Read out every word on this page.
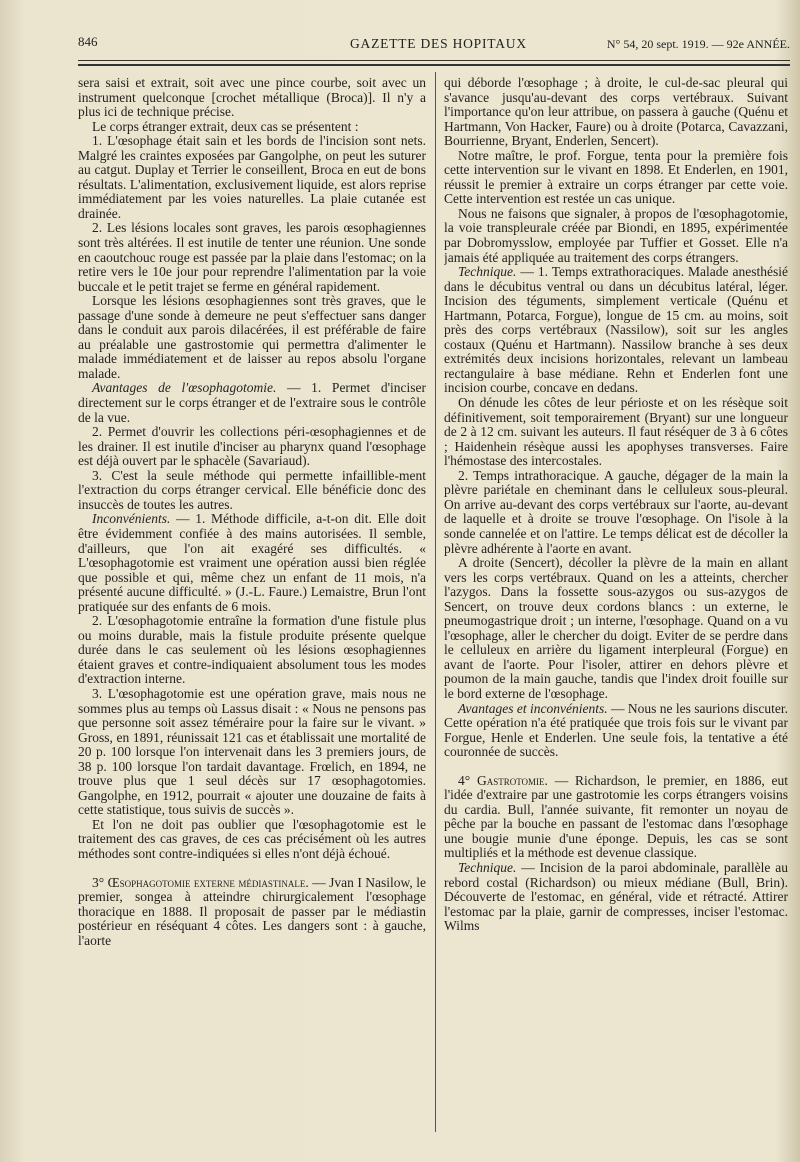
846	GAZETTE DES HOPITAUX	N° 54, 20 sept. 1919. — 92e ANNÉE.

sera saisi et extrait, soit avec une pince courbe, soit avec un instrument quelconque [crochet métallique (Broca)]. Il n'y a plus ici de technique précise.

Le corps étranger extrait, deux cas se présentent :

1. L'œsophage était sain et les bords de l'incision sont nets. Malgré les craintes exposées par Gangolphe, on peut les suturer au catgut. Duplay et Terrier le conseillent, Broca en eut de bons résultats. L'alimentation, exclusivement liquide, est alors reprise immédiatement par les voies naturelles. La plaie cutanée est drainée.

2. Les lésions locales sont graves, les parois œsophagiennes sont très altérées. Il est inutile de tenter une réunion. Une sonde en caoutchouc rouge est passée par la plaie dans l'estomac; on la retire vers le 10e jour pour reprendre l'alimentation par la voie buccale et le petit trajet se ferme en général rapidement.

Lorsque les lésions œsophagiennes sont très graves, que le passage d'une sonde à demeure ne peut s'effectuer sans danger dans le conduit aux parois dilacérées, il est préférable de faire au préalable une gastrostomie qui permettra d'alimenter le malade immédiatement et de laisser au repos absolu l'organe malade.

Avantages de l'œsophagotomie. — 1. Permet d'inciser directement sur le corps étranger et de l'extraire sous le contrôle de la vue.

2. Permet d'ouvrir les collections péri-œsophagiennes et de les drainer. Il est inutile d'inciser au pharynx quand l'œsophage est déjà ouvert par le sphacèle (Savariaud).

3. C'est la seule méthode qui permette infaillible-ment l'extraction du corps étranger cervical. Elle bénéficie donc des insuccès de toutes les autres.

Inconvénients. — 1. Méthode difficile, a-t-on dit. Elle doit être évidemment confiée à des mains autorisées. Il semble, d'ailleurs, que l'on ait exagéré ses difficultés. « L'œsophagotomie est vraiment une opération aussi bien réglée que possible et qui, même chez un enfant de 11 mois, n'a présenté aucune difficulté. » (J.-L. Faure.) Lemaistre, Brun l'ont pratiquée sur des enfants de 6 mois.

2. L'œsophagotomie entraîne la formation d'une fistule plus ou moins durable, mais la fistule produite présente quelque durée dans le cas seulement où les lésions œsophagiennes étaient graves et contre-indiquaient absolument tous les modes d'extraction interne.

3. L'œsophagotomie est une opération grave, mais nous ne sommes plus au temps où Lassus disait : « Nous ne pensons pas que personne soit assez téméraire pour la faire sur le vivant. » Gross, en 1891, réunissait 121 cas et établissait une mortalité de 20 p. 100 lorsque l'on intervenait dans les 3 premiers jours, de 38 p. 100 lorsque l'on tardait davantage. Frœlich, en 1894, ne trouve plus que 1 seul décès sur 17 œsophagotomies. Gangolphe, en 1912, pourrait « ajouter une douzaine de faits à cette statistique, tous suivis de succès ».

Et l'on ne doit pas oublier que l'œsophagotomie est le traitement des cas graves, de ces cas précisément où les autres méthodes sont contre-indiquées si elles n'ont déjà échoué.

3° Œsophagotomie externe médiastinale. — Jvan I Nasilow, le premier, songea à atteindre chirurgicalement l'œsophage thoracique en 1888. Il proposait de passer par le médiastin postérieur en réséquant 4 côtes. Les dangers sont : à gauche, l'aorte

qui déborde l'œsophage ; à droite, le cul-de-sac pleural qui s'avance jusqu'au-devant des corps vertébraux. Suivant l'importance qu'on leur attribue, on passera à gauche (Quénu et Hartmann, Von Hacker, Faure) ou à droite (Potarca, Cavazzani, Bourrienne, Bryant, Enderlen, Sencert).

Notre maître, le prof. Forgue, tenta pour la première fois cette intervention sur le vivant en 1898. Et Enderlen, en 1901, réussit le premier à extraire un corps étranger par cette voie. Cette intervention est restée un cas unique.

Nous ne faisons que signaler, à propos de l'œsophagotomie, la voie transpleurale créée par Biondi, en 1895, expérimentée par Dobromysslow, employée par Tuffier et Gosset. Elle n'a jamais été appliquée au traitement des corps étrangers.

Technique. — 1. Temps extrathoraciques. Malade anesthésié dans le décubitus ventral ou dans un décubitus latéral, léger. Incision des téguments, simplement verticale (Quénu et Hartmann, Potarca, Forgue), longue de 15 cm. au moins, soit près des corps vertébraux (Nassilow), soit sur les angles costaux (Quénu et Hartmann). Nassilow branche à ses deux extrémités deux incisions horizontales, relevant un lambeau rectangulaire à base médiane. Rehn et Enderlen font une incision courbe, concave en dedans.

On dénude les côtes de leur périoste et on les résèque soit définitivement, soit temporairement (Bryant) sur une longueur de 2 à 12 cm. suivant les auteurs. Il faut réséquer de 3 à 6 côtes ; Haidenhein résèque aussi les apophyses transverses. Faire l'hémostase des intercostales.

2. Temps intrathoracique. A gauche, dégager de la main la plèvre pariétale en cheminant dans le celluleux sous-pleural. On arrive au-devant des corps vertébraux sur l'aorte, au-devant de laquelle et à droite se trouve l'œsophage. On l'isole à la sonde cannelée et on l'attire. Le temps délicat est de décoller la plèvre adhérente à l'aorte en avant.

A droite (Sencert), décoller la plèvre de la main en allant vers les corps vertébraux. Quand on les a atteints, chercher l'azygos. Dans la fossette sous-azygos ou sus-azygos de Sencert, on trouve deux cordons blancs : un externe, le pneumogastrique droit ; un interne, l'œsophage. Quand on a vu l'œsophage, aller le chercher du doigt. Eviter de se perdre dans le celluleux en arrière du ligament interpleural (Forgue) en avant de l'aorte. Pour l'isoler, attirer en dehors plèvre et poumon de la main gauche, tandis que l'index droit fouille sur le bord externe de l'œsophage.

Avantages et inconvénients. — Nous ne les saurions discuter. Cette opération n'a été pratiquée que trois fois sur le vivant par Forgue, Henle et Enderlen. Une seule fois, la tentative a été couronnée de succès.

4° Gastrotomie. — Richardson, le premier, en 1886, eut l'idée d'extraire par une gastrotomie les corps étrangers voisins du cardia. Bull, l'année suivante, fit remonter un noyau de pêche par la bouche en passant de l'estomac dans l'œsophage une bougie munie d'une éponge. Depuis, les cas se sont multipliés et la méthode est devenue classique.

Technique. — Incision de la paroi abdominale, parallèle au rebord costal (Richardson) ou mieux médiane (Bull, Brin). Découverte de l'estomac, en général, vide et rétracté. Attirer l'estomac par la plaie, garnir de compresses, inciser l'estomac. Wilms
